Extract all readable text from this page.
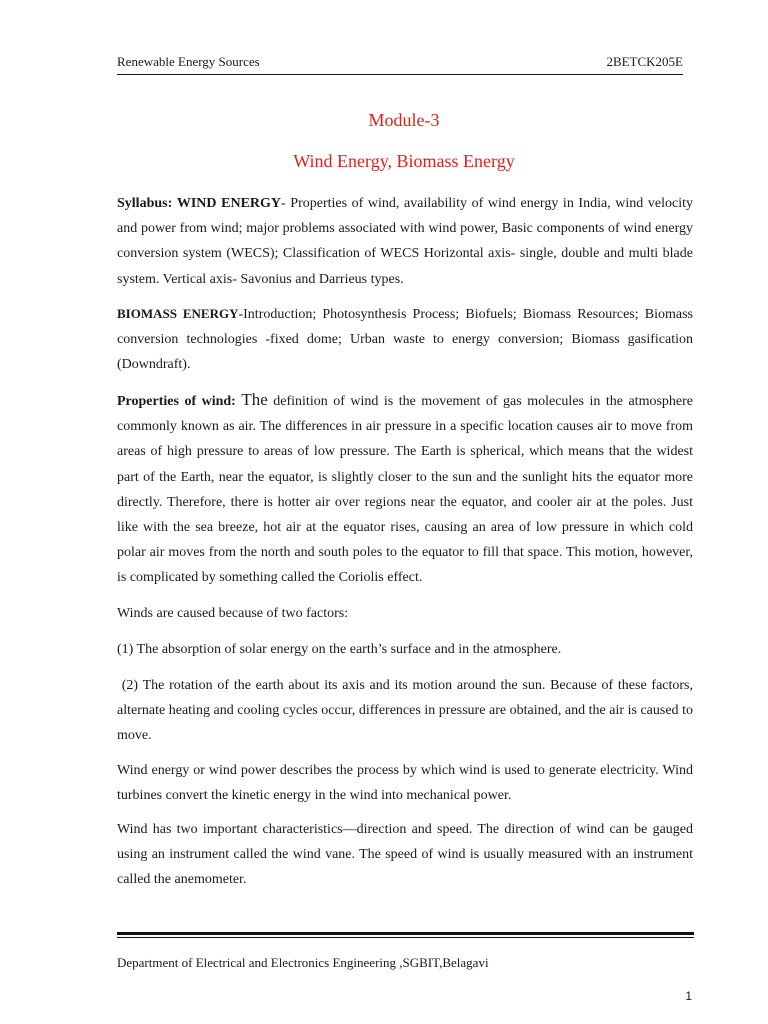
Renewable Energy Sources	2BETCK205E
Module-3
Wind Energy, Biomass Energy

Syllabus: WIND ENERGY- Properties of wind, availability of wind energy in India, wind velocity and power from wind; major problems associated with wind power, Basic components of wind energy conversion system (WECS); Classification of WECS Horizontal axis- single, double and multi blade system. Vertical axis- Savonius and Darrieus types.

BIOMASS ENERGY-Introduction; Photosynthesis Process; Biofuels; Biomass Resources; Biomass conversion technologies -fixed dome; Urban waste to energy conversion; Biomass gasification (Downdraft).

Properties of wind: The definition of wind is the movement of gas molecules in the atmosphere commonly known as air. The differences in air pressure in a specific location causes air to move from areas of high pressure to areas of low pressure. The Earth is spherical, which means that the widest part of the Earth, near the equator, is slightly closer to the sun and the sunlight hits the equator more directly. Therefore, there is hotter air over regions near the equator, and cooler air at the poles. Just like with the sea breeze, hot air at the equator rises, causing an area of low pressure in which cold polar air moves from the north and south poles to the equator to fill that space. This motion, however, is complicated by something called the Coriolis effect.

Winds are caused because of two factors:

(1) The absorption of solar energy on the earth’s surface and in the atmosphere.

(2) The rotation of the earth about its axis and its motion around the sun. Because of these factors, alternate heating and cooling cycles occur, differences in pressure are obtained, and the air is caused to move.

Wind energy or wind power describes the process by which wind is used to generate electricity. Wind turbines convert the kinetic energy in the wind into mechanical power.

Wind has two important characteristics—direction and speed. The direction of wind can be gauged using an instrument called the wind vane. The speed of wind is usually measured with an instrument called the anemometer.

Department of Electrical and Electronics Engineering ,SGBIT,Belagavi
1
